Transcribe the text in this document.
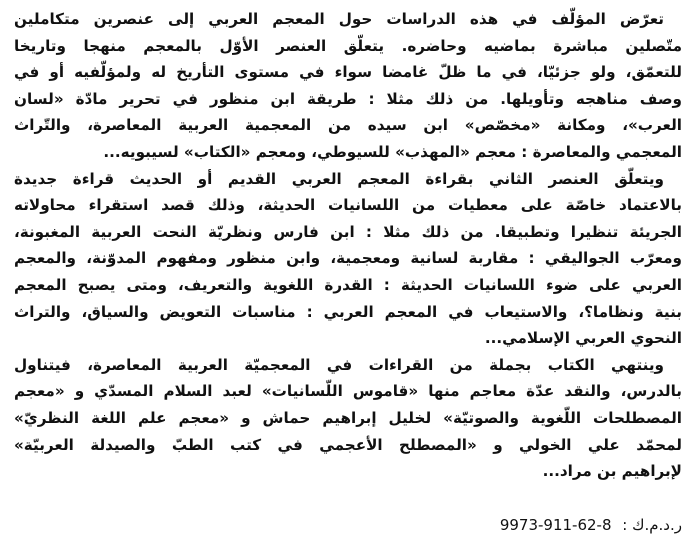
تعرّض المؤلّف في هذه الدراسات حول المعجم العربي إلى عنصرين متكاملين
متّصلين مباشرة بماضيه وحاضره. يتعلّق العنصر الأوّل بالمعجم منهجا وتاريخا
للتعمّق، ولو جزئيّا، في ما ظلّ غامضا سواء في مستوى التأريخ له ولمؤلّفيه أو في
وصف مناهجه وتأويلها. من ذلك مثلا : طريقة ابن منظور في تحرير مادّة «لسان
العرب»، ومكانة «مخصّص» ابن سيده من المعجمية العربية المعاصرة، والتّراث
المعجمي والمعاصرة : معجم «المهذب» للسيوطي، ومعجم «الكتاب» لسيبويه...
ويتعلّق العنصر الثاني بقراءة المعجم العربي القديم أو الحديث قراءة جديدة
بالاعتماد خاصّة على معطيات من اللسانيات الحديثة، وذلك قصد استقراء محاولاته
الجريئة تنظيرا وتطبيقا. من ذلك مثلا : ابن فارس ونظريّة النحت العربية المغبونة،
ومعرّب الجواليقي : مقاربة لسانية ومعجمية، وابن منظور ومفهوم المدوّنة، والمعجم
العربي على ضوء اللسانيات الحديثة : القدرة اللغوية والتعريف، ومتى يصبح المعجم
بنية ونظاما؟، والاستيعاب في المعجم العربي : مناسبات التعويض والسياق، والتراث
النحوي العربي الإسلامي...
وينتهي الكتاب بجملة من القراءات في المعجميّة العربية المعاصرة، فيتناول
بالدرس، والنقد عدّة معاجم منها «قاموس اللّسانيات» لعبد السلام المسدّي و «معجم
المصطلحات اللّغوية والصوتيّة» لخليل إبراهيم حماش و «معجم علم اللغة النظريّ»
لمحمّد علي الخولي و «المصطلح الأعجمي في كتب الطبّ والصيدلة العربيّة»
لإبراهيم بن مراد...
ر.د.م.ك : 9973-911-62-8
